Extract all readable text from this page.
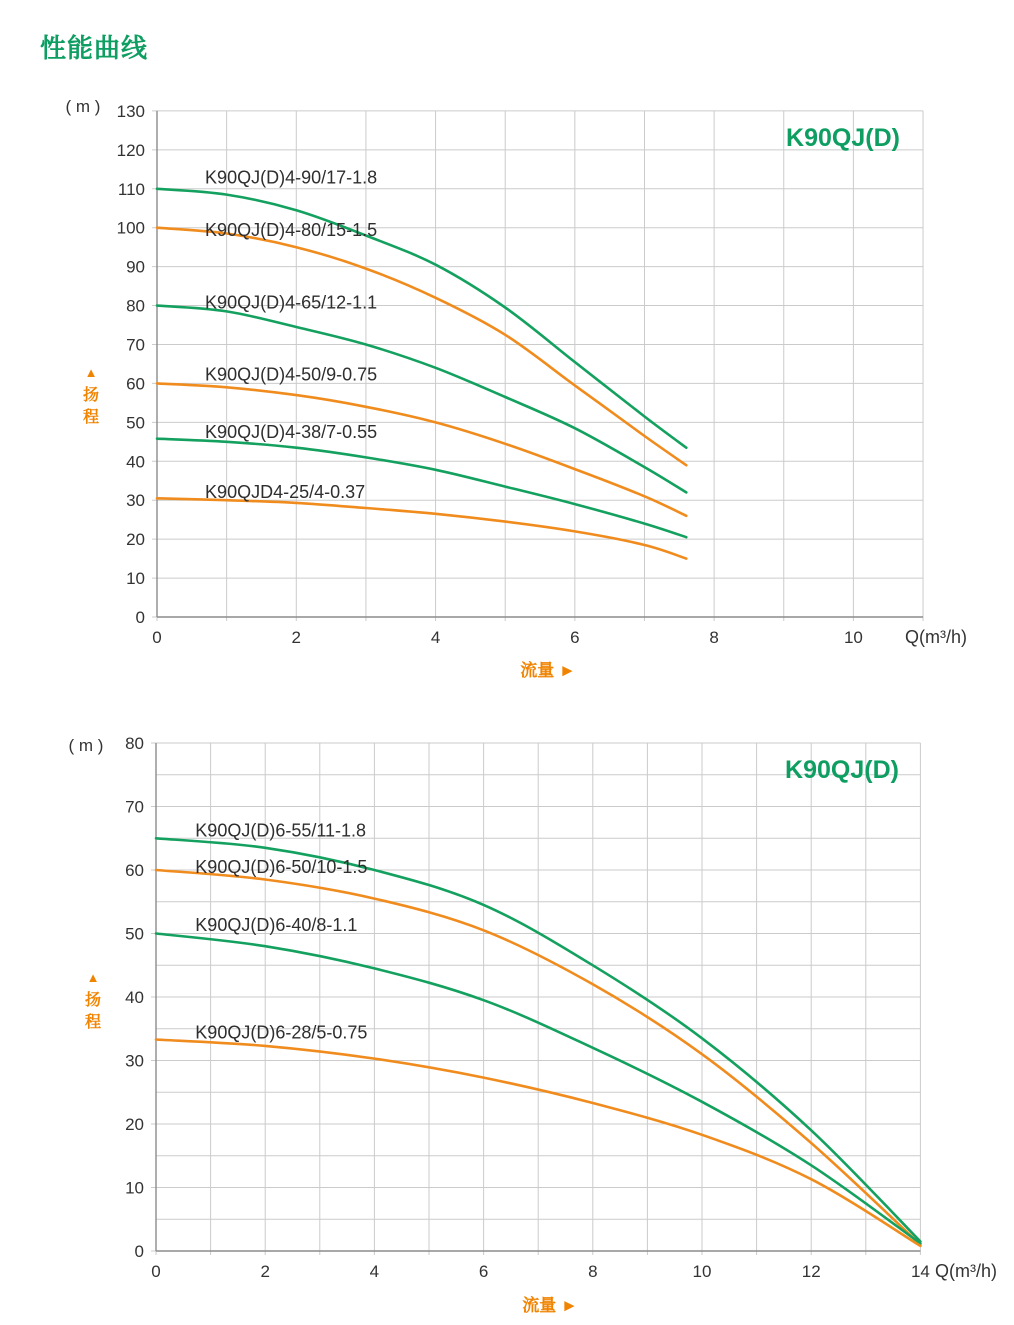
性能曲线
0
10
20
30
40
50
60
70
80
90
100
110
120
130
0	2	4	6	8	10
( m )
Q(m³/h)
K90QJ(D)
▲
扬
程
流量 ►
K90QJ(D)4-90/17-1.8
K90QJ(D)4-80/15-1.5
K90QJ(D)4-65/12-1.1
K90QJ(D)4-50/9-0.75
K90QJ(D)4-38/7-0.55
K90QJD4-25/4-0.37
0
10
20
30
40
50
60
70
80
0	2	4	6	8	10	12	14
( m )
Q(m³/h)
K90QJ(D)
▲
扬
程
流量 ►
K90QJ(D)6-55/11-1.8
K90QJ(D)6-50/10-1.5
K90QJ(D)6-40/8-1.1
K90QJ(D)6-28/5-0.75
